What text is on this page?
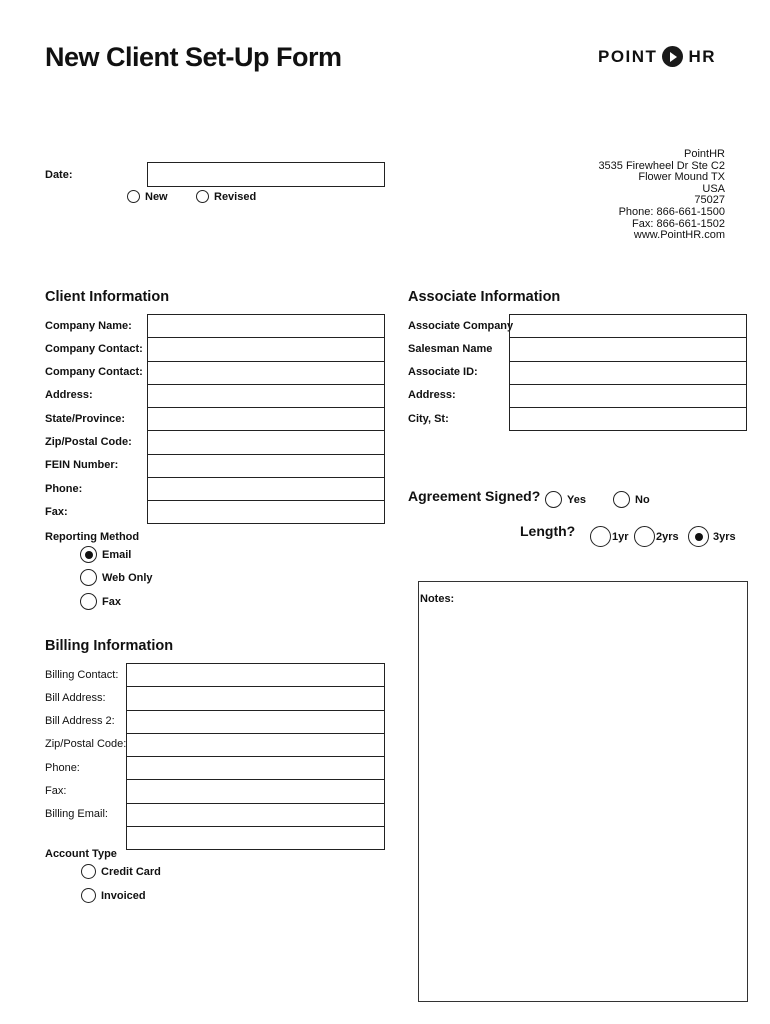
New Client Set-Up Form	POINT HR
PointHR
3535 Firewheel Dr Ste C2
Flower Mound TX
USA
75027
Phone: 866-661-1500
Fax: 866-661-1502
www.PointHR.com
Date:
New	Revised
Client Information
Company Name:
Company Contact:
Company Contact:
Address:
State/Province:
Zip/Postal Code:
FEIN Number:
Phone:
Fax:
Reporting Method
Email
Web Only
Fax
Associate Information
Associate Company
Salesman Name
Associate ID:
Address:
City, St:
Agreement Signed? Yes	No
Length?	1yr 2yrs	3yrs
Notes:
Billing Information
Billing Contact:
Bill Address:
Bill Address 2:
Zip/Postal Code:
Phone:
Fax:
Billing Email:
Account Type
Credit Card
Invoiced
